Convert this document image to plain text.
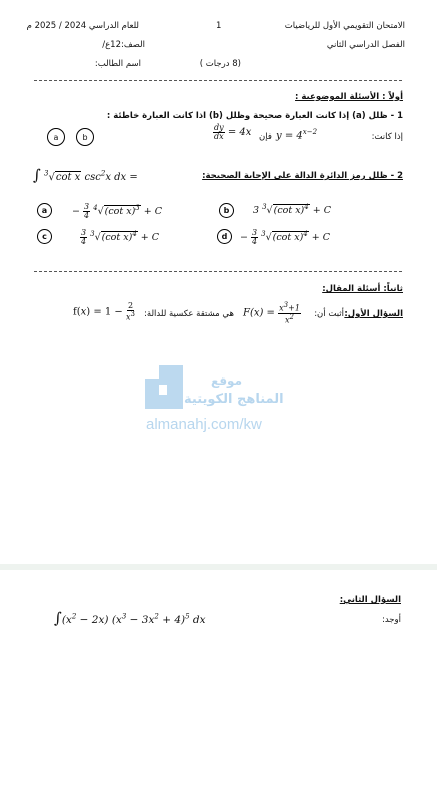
الامتحان التقويمي الأول للرياضيات
1
للعام الدراسي 2024 / 2025 م
الفصل الدراسي الثاني
الصف:12ع/
(8 درجات )
اسم الطالب:
أولاً : الأسئلة الموضوعية :
1 - ظلل (a) إذا كانت العبارة صحيحة وظلل (b) اذا كانت العبارة خاطئة :
إذا كانت:
$y = 4^{x-2}$
فإن
$\frac{dy}{dx} = 4x$
a	b
2 - ظلل رمز الدائرة الدالة على الإجابة الصحيحة:
∫ $^3$√cot x $\csc^2x$ dx =
a	− $\frac{3}{4} ^4√(\cot$ x)$^3$ + C	b	3 $^3$√(cot x)$^4$ + C
c	$\frac{3}{4} ^3√(\cot$ x)$^4$ + C	d	− $\frac{3}{4} ^3√(\cot$ x)$^4$ + C
ثانياً: أسئلة المقال:
السؤال الأول:
أثبت أن:
$F(x) = \frac{x3+1}{x2}$
هي مشتقة عكسية للدالة:
$f(x) = 1 - \frac{2}{x3}$
موقع
المناهج الكويتية
almanahj.com/kw
السؤال الثاني:
أوجد:
$\int(x^2 - 2x) (x^3 - 3x^2 + 4)^5$ dx
